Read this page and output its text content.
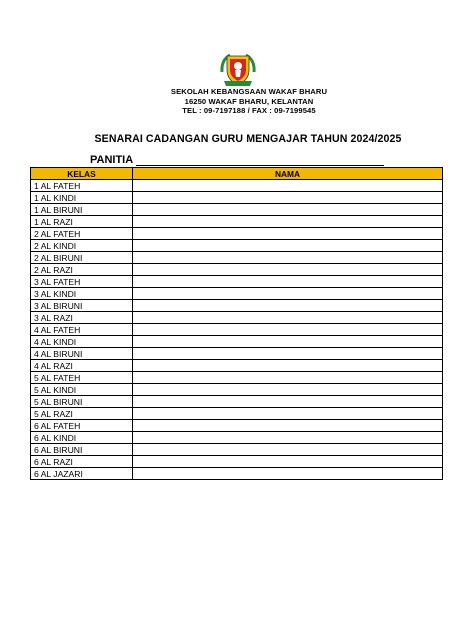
SEKOLAH KEBANGSAAN WAKAF BHARU
16250 WAKAF BHARU, KELANTAN
TEL : 09-7197188 / FAX : 09-7199545
SENARAI CADANGAN GURU MENGAJAR TAHUN 2024/2025
PANITIA
KELAS	NAMA
1 AL FATEH	
1 AL KINDI	
1 AL BIRUNI	
1 AL RAZI	
2 AL FATEH	
2 AL KINDI	
2 AL BIRUNI	
2 AL RAZI	
3 AL FATEH	
3 AL KINDI	
3 AL BIRUNI	
3 AL RAZI	
4 AL FATEH	
4 AL KINDI	
4 AL BIRUNI	
4 AL RAZI	
5 AL FATEH	
5 AL KINDI	
5 AL BIRUNI	
5 AL RAZI	
6 AL FATEH	
6 AL KINDI	
6 AL BIRUNI	
6 AL RAZI	
6 AL JAZARI	
